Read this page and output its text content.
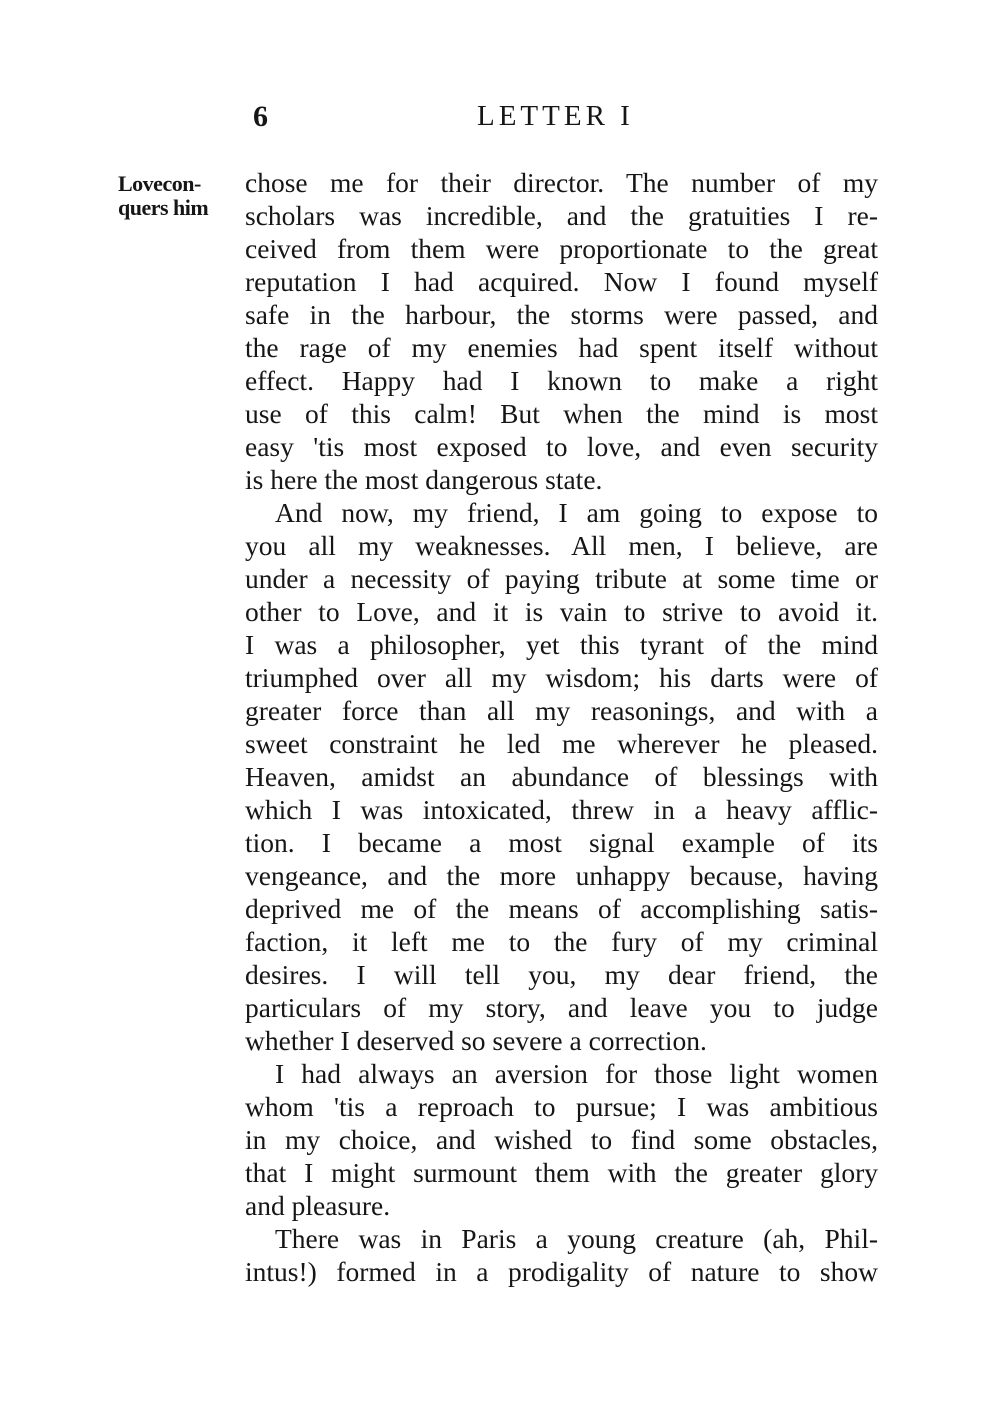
6	LETTER I
Lovecon-
quers him
chose me for their director. The number of my
scholars was incredible, and the gratuities I re-
ceived from them were proportionate to the great
reputation I had acquired. Now I found myself
safe in the harbour, the storms were passed, and
the rage of my enemies had spent itself without
effect. Happy had I known to make a right
use of this calm! But when the mind is most
easy 'tis most exposed to love, and even security
is here the most dangerous state.
And now, my friend, I am going to expose to
you all my weaknesses. All men, I believe, are
under a necessity of paying tribute at some time or
other to Love, and it is vain to strive to avoid it.
I was a philosopher, yet this tyrant of the mind
triumphed over all my wisdom; his darts were of
greater force than all my reasonings, and with a
sweet constraint he led me wherever he pleased.
Heaven, amidst an abundance of blessings with
which I was intoxicated, threw in a heavy afflic-
tion. I became a most signal example of its
vengeance, and the more unhappy because, having
deprived me of the means of accomplishing satis-
faction, it left me to the fury of my criminal
desires. I will tell you, my dear friend, the
particulars of my story, and leave you to judge
whether I deserved so severe a correction.
I had always an aversion for those light women
whom 'tis a reproach to pursue; I was ambitious
in my choice, and wished to find some obstacles,
that I might surmount them with the greater glory
and pleasure.
There was in Paris a young creature (ah, Phil-
intus!) formed in a prodigality of nature to show
